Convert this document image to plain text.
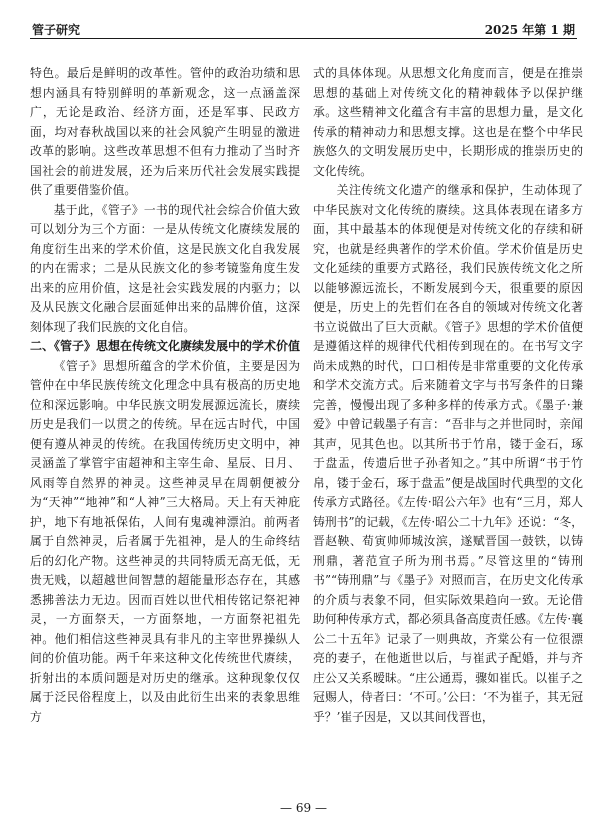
管子研究	2025 年第 1 期

特色。最后是鲜明的改革性。管仲的政治功绩和思想内涵具有特别鲜明的革新观念，这一点涵盖深广，无论是政治、经济方面，还是军事、民政方面，均对春秋战国以来的社会风貌产生明显的激进改革的影响。这些改革思想不但有力推动了当时齐国社会的前进发展，还为后来历代社会发展实践提供了重要借鉴价值。

基于此，《管子》一书的现代社会综合价值大致可以划分为三个方面：一是从传统文化赓续发展的角度衍生出来的学术价值，这是民族文化自我发展的内在需求；二是从民族文化的参考镜鉴角度生发出来的应用价值，这是社会实践发展的内驱力；以及从民族文化融合层面延伸出来的品牌价值，这深刻体现了我们民族的文化自信。

二、《管子》思想在传统文化赓续发展中的学术价值

《管子》思想所蕴含的学术价值，主要是因为管仲在中华民族传统文化理念中具有极高的历史地位和深远影响。中华民族文明发展源远流长，赓续历史是我们一以贯之的传统。早在远古时代，中国便有遵从神灵的传统。在我国传统历史文明中，神灵涵盖了掌管宇宙超神和主宰生命、星辰、日月、风雨等自然界的神灵。这些神灵早在周朝便被分为“天神”“地神”和“人神”三大格局。天上有天神庇护，地下有地祇保佑，人间有鬼魂神漂泊。前两者属于自然神灵，后者属于先祖神，是人的生命终结后的幻化产物。这些神灵的共同特质无高无低，无贵无贱，以超越世间智慧的超能量形态存在，其感悉拂善法力无边。因而百姓以世代相传铭记祭祀神灵，一方面祭天，一方面祭地，一方面祭祀祖先神。他们相信这些神灵具有非凡的主宰世界操纵人间的价值功能。两千年来这种文化传统世代赓续，折射出的本质问题是对历史的继承。这种现象仅仅属于泛民俗程度上，以及由此衍生出来的表象思维方

式的具体体现。从思想文化角度而言，便是在推崇思想的基础上对传统文化的精神载体予以保护继承。这些精神文化蕴含有丰富的思想力量，是文化传承的精神动力和思想支撑。这也是在整个中华民族悠久的文明发展历史中，长期形成的推崇历史的文化传统。

关注传统文化遗产的继承和保护，生动体现了中华民族对文化传统的赓续。这具体表现在诸多方面，其中最基本的体现便是对传统文化的存续和研究，也就是经典著作的学术价值。学术价值是历史文化延续的重要方式路径，我们民族传统文化之所以能够源远流长，不断发展到今天，很重要的原因便是，历史上的先哲们在各自的领域对传统文化著书立说做出了巨大贡献。《管子》思想的学术价值便是遵循这样的规律代代相传到现在的。在书写文字尚未成熟的时代，口口相传是非常重要的文化传承和学术交流方式。后来随着文字与书写条件的日臻完善，慢慢出现了多种多样的传承方式。《墨子·兼爱》中曾记载墨子有言：“吾非与之并世同时，亲闻其声，见其色也。以其所书于竹帛，镂于金石，琢于盘盂，传遗后世子孙者知之。”其中所谓“书于竹帛，镂于金石，琢于盘盂”便是战国时代典型的文化传承方式路径。《左传·昭公六年》也有“三月，郑人铸刑书”的记载，《左传·昭公二十九年》还说：“冬，晋赵鞅、荀寅帅师城汝滨，遂赋晋国一鼓铁，以铸刑鼎，著范宣子所为刑书焉。”尽管这里的“铸刑书”“铸刑鼎”与《墨子》对照而言，在历史文化传承的介质与表象不同，但实际效果趋向一致。无论借助何种传承方式，都必须具备高度责任感。《左传·襄公二十五年》记录了一则典故，齐棠公有一位很漂亮的妻子，在他逝世以后，与崔武子配婚，并与齐庄公又关系暧昧。“庄公通焉，骤如崔氏。以崔子之冠赐人，侍者曰：‘不可。’公曰：‘不为崔子，其无冠乎？’崔子因是，又以其间伐晋也，

— 69 —
